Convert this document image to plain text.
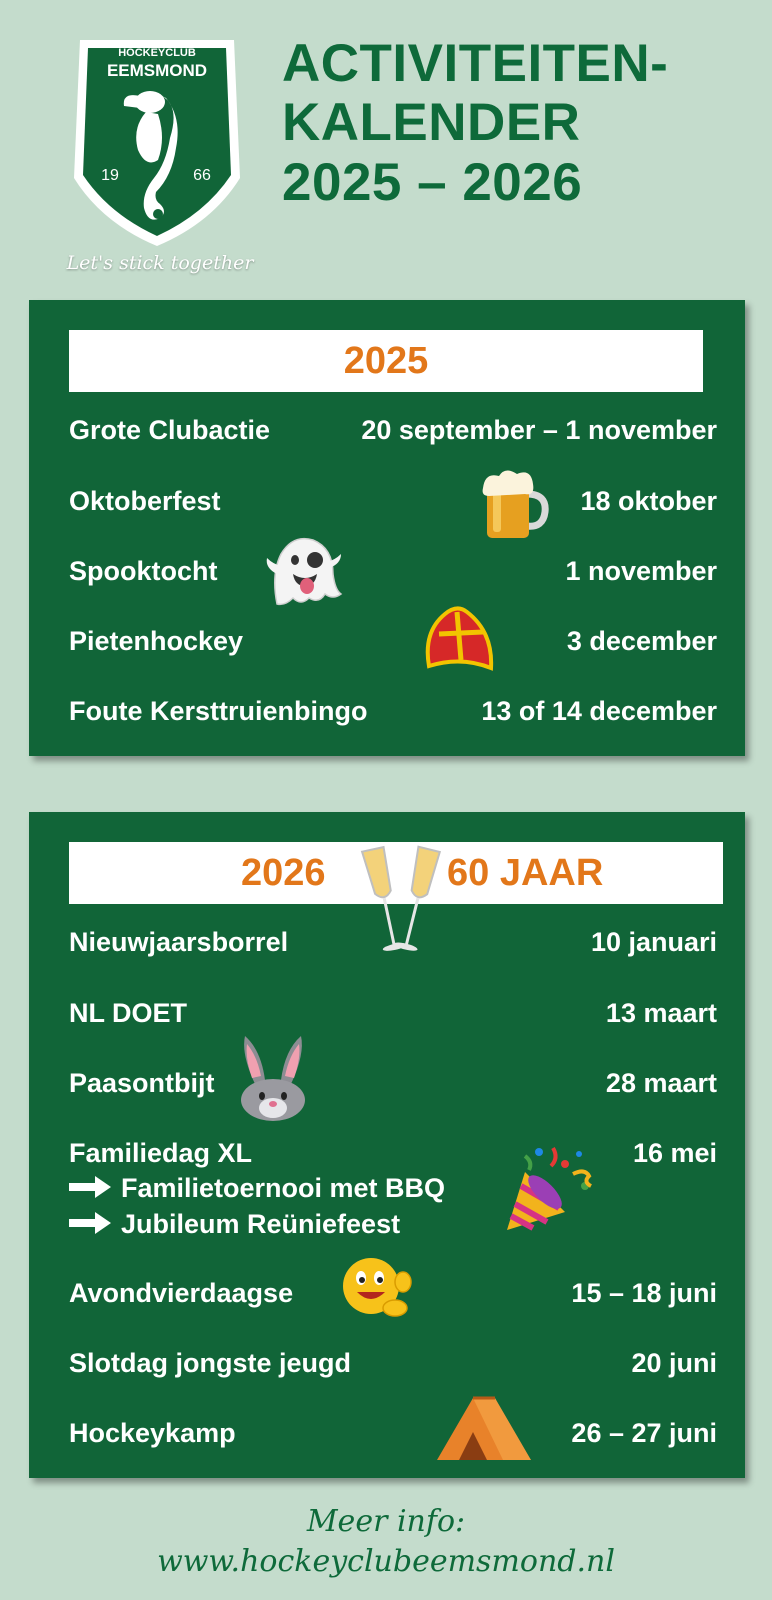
HOCKEYCLUB
EEMSMOND
19	66
Let's stick together
ACTIVITEITEN-
KALENDER
2025 – 2026
2025
Grote Clubactie	20 september – 1 november
Oktoberfest	18 oktober
Spooktocht	1 november
Pietenhockey	3 december
Foute Kersttruienbingo	13 of 14 december
2026	60 JAAR
Nieuwjaarsborrel	10 januari
NL DOET	13 maart
Paasontbijt	28 maart
Familiedag XL	16 mei
Familietoernooi met BBQ
Jubileum Reüniefeest
Avondvierdaagse	15 – 18 juni
Slotdag jongste jeugd	20 juni
Hockeykamp	26 – 27 juni
Meer info:
www.hockeyclubeemsmond.nl
